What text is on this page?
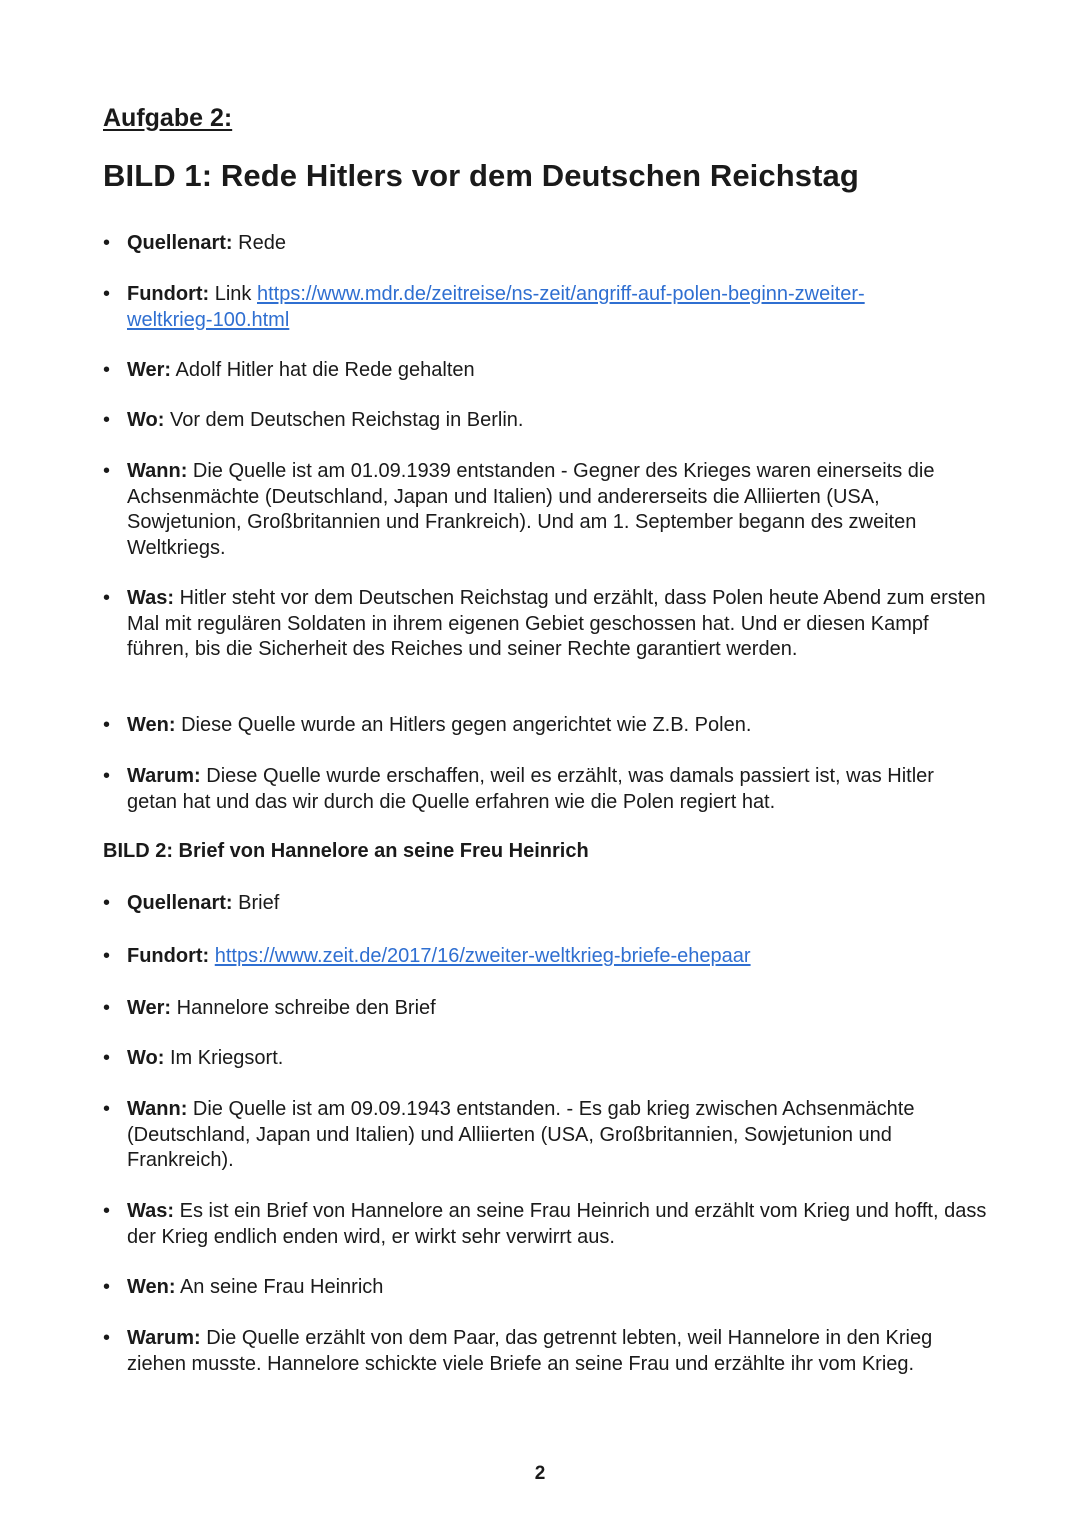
Aufgabe 2:
BILD 1: Rede Hitlers vor dem Deutschen Reichstag
• Quellenart: Rede
• Fundort: Link https://www.mdr.de/zeitreise/ns-zeit/angriff-auf-polen-beginn-zweiter-
weltkrieg-100.html
• Wer: Adolf Hitler hat die Rede gehalten
• Wo: Vor dem Deutschen Reichstag in Berlin.
• Wann: Die Quelle ist am 01.09.1939 entstanden - Gegner des Krieges waren einerseits die Achsenmächte (Deutschland, Japan und Italien) und andererseits die Alliierten (USA, Sowjetunion, Großbritannien und Frankreich). Und am 1. September begann des zweiten Weltkriegs.
• Was: Hitler steht vor dem Deutschen Reichstag und erzählt, dass Polen heute Abend zum ersten Mal mit regulären Soldaten in ihrem eigenen Gebiet geschossen hat. Und er diesen Kampf führen, bis die Sicherheit des Reiches und seiner Rechte garantiert werden.
• Wen: Diese Quelle wurde an Hitlers gegen angerichtet wie Z.B. Polen.
• Warum: Diese Quelle wurde erschaffen, weil es erzählt, was damals passiert ist, was Hitler getan hat und das wir durch die Quelle erfahren wie die Polen regiert hat.
BILD 2: Brief von Hannelore an seine Freu Heinrich
• Quellenart: Brief
• Fundort: https://www.zeit.de/2017/16/zweiter-weltkrieg-briefe-ehepaar
• Wer: Hannelore schreibe den Brief
• Wo: Im Kriegsort.
• Wann: Die Quelle ist am 09.09.1943 entstanden. - Es gab krieg zwischen Achsenmächte (Deutschland, Japan und Italien) und Alliierten (USA, Großbritannien, Sowjetunion und Frankreich).
• Was: Es ist ein Brief von Hannelore an seine Frau Heinrich und erzählt vom Krieg und hofft, dass der Krieg endlich enden wird, er wirkt sehr verwirrt aus.
• Wen: An seine Frau Heinrich
• Warum: Die Quelle erzählt von dem Paar, das getrennt lebten, weil Hannelore in den Krieg ziehen musste. Hannelore schickte viele Briefe an seine Frau und erzählte ihr vom Krieg.
2
